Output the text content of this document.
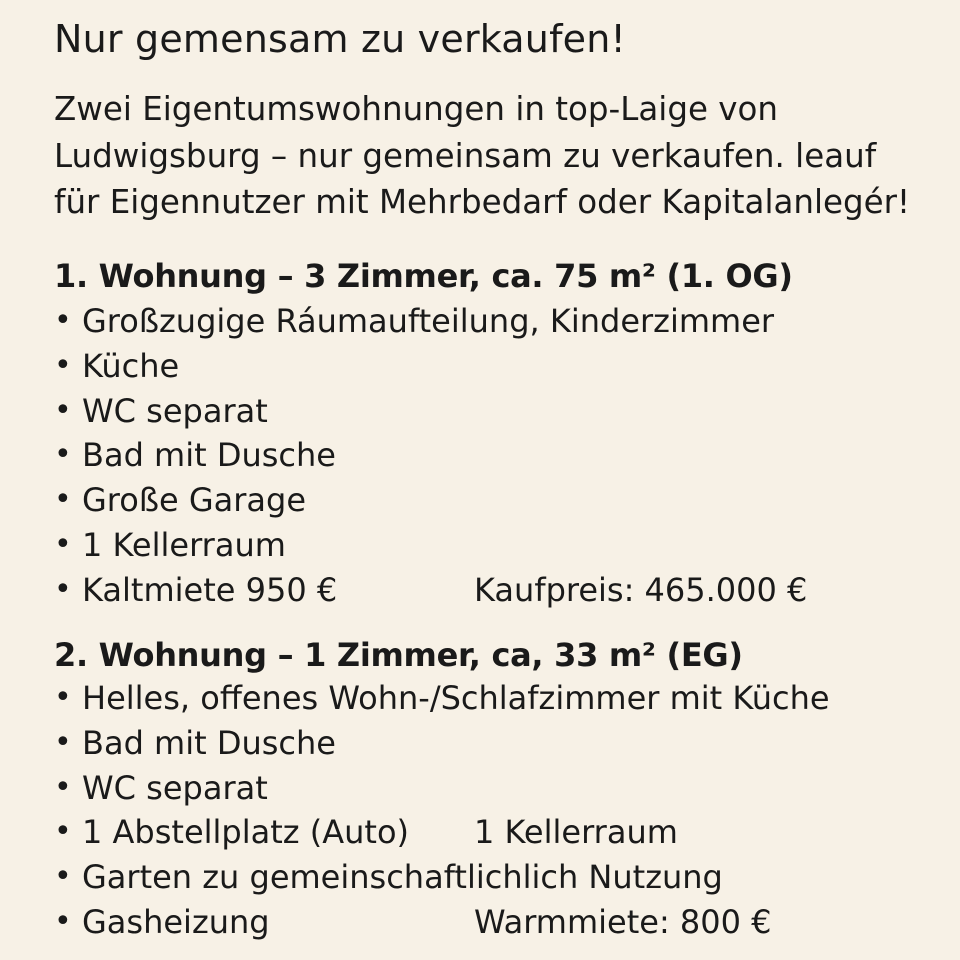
Nur gemensam zu verkaufen!
Zwei Eigentumswohnungen in top-Laige von
Ludwigsburg – nur gemeinsam zu verkaufen. leauf
für Eigennutzer mit Mehrbedarf oder Kapitalanlegér!
1. Wohnung – 3 Zimmer, ca. 75 m² (1. OG)
• Großzugige Ráumaufteilung, Kinderzimmer
• Küche
• WC separat
• Bad mit Dusche
• Große Garage
• 1 Kellerraum
• Kaltmiete 950 €	Kaufpreis: 465.000 €
2. Wohnung – 1 Zimmer, ca, 33 m² (EG)
• Helles, offenes Wohn-/Schlafzimmer mit Küche
• Bad mit Dusche
• WC separat
• 1 Abstellplatz (Auto) 1 Kellerraum
• Garten zu gemeinschaftlichlich Nutzung
• Gasheizung	Warmmiete: 800 €
